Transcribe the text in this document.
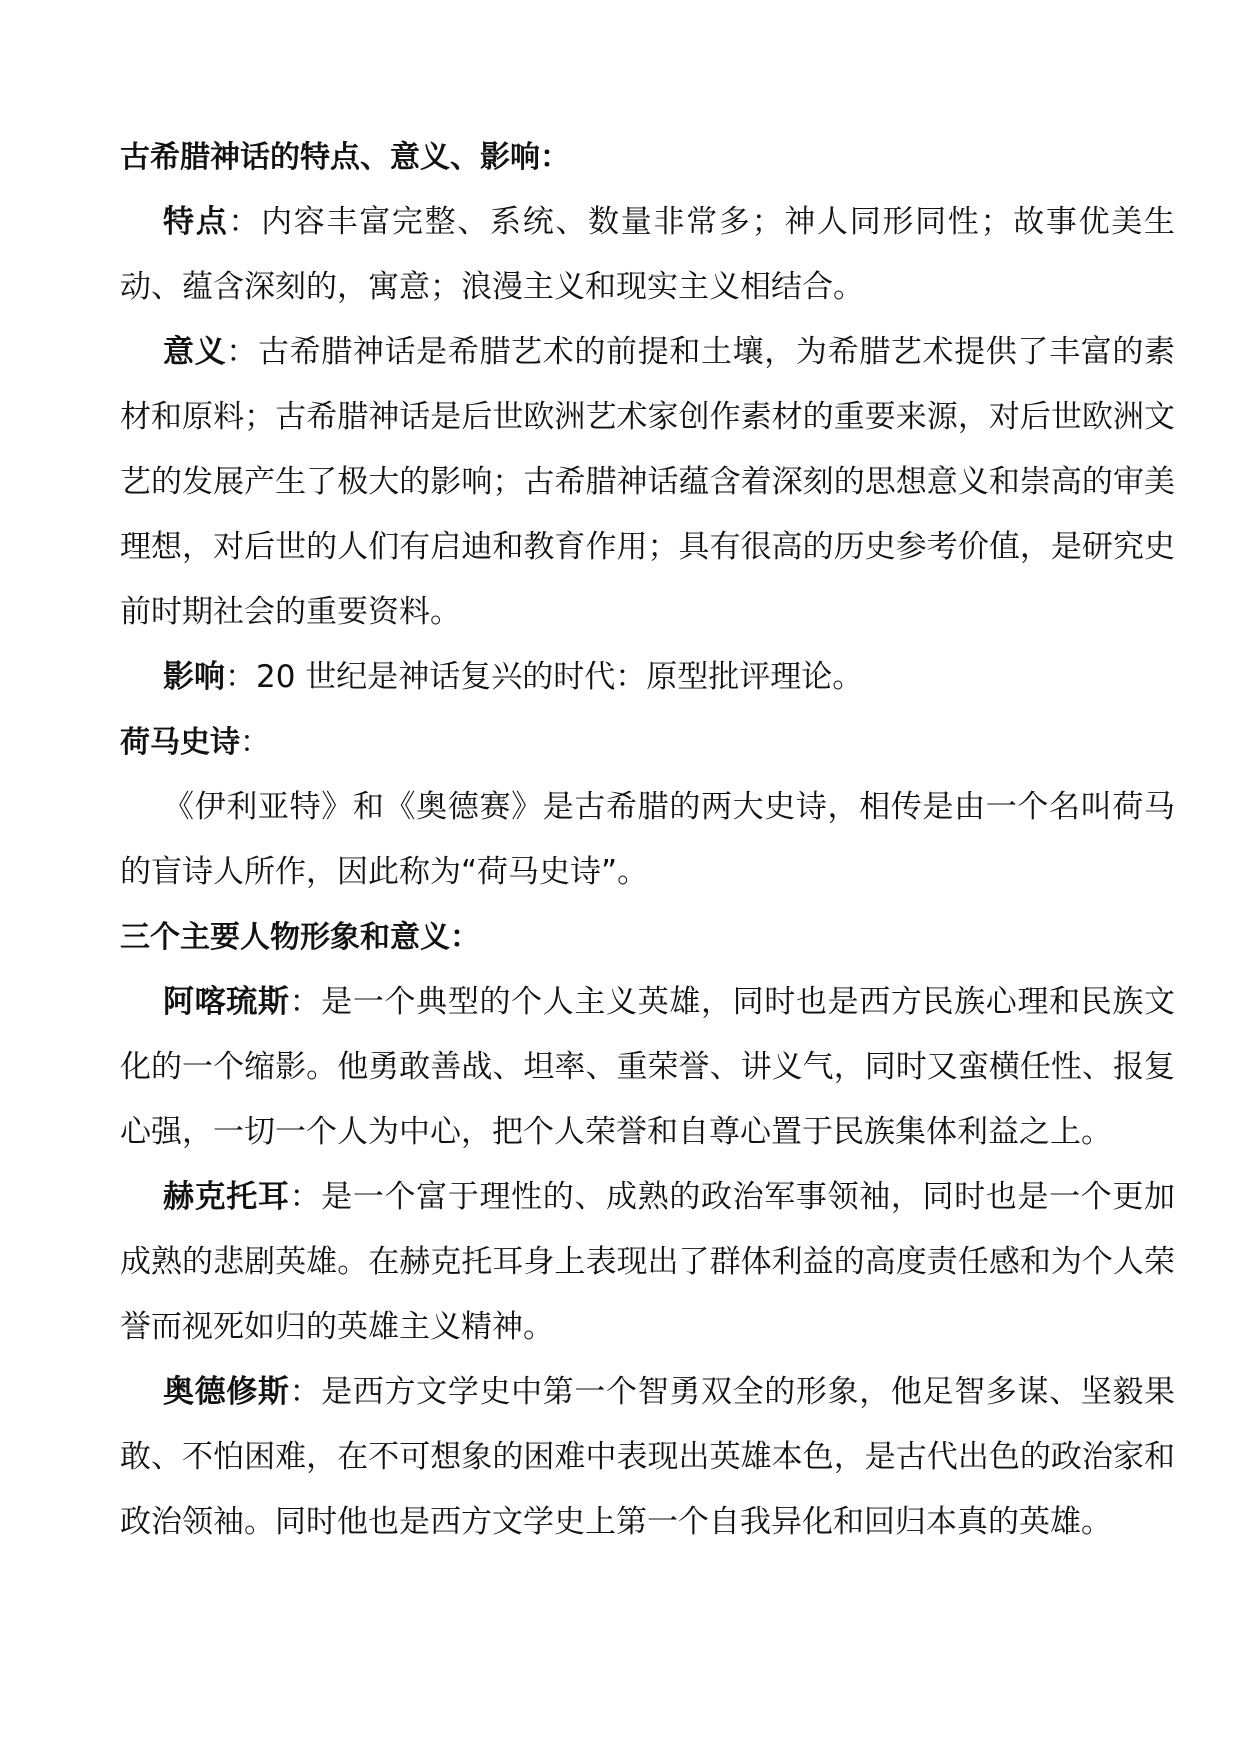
古希腊神话的特点、意义、影响：

特点：内容丰富完整、系统、数量非常多；神人同形同性；故事优美生动、蕴含深刻的，寓意；浪漫主义和现实主义相结合。

意义：古希腊神话是希腊艺术的前提和土壤，为希腊艺术提供了丰富的素材和原料；古希腊神话是后世欧洲艺术家创作素材的重要来源，对后世欧洲文艺的发展产生了极大的影响；古希腊神话蕴含着深刻的思想意义和崇高的审美理想，对后世的人们有启迪和教育作用；具有很高的历史参考价值，是研究史前时期社会的重要资料。

影响：20 世纪是神话复兴的时代：原型批评理论。

荷马史诗：

《伊利亚特》和《奥德赛》是古希腊的两大史诗，相传是由一个名叫荷马的盲诗人所作，因此称为“荷马史诗”。

三个主要人物形象和意义：

阿喀琉斯：是一个典型的个人主义英雄，同时也是西方民族心理和民族文化的一个缩影。他勇敢善战、坦率、重荣誉、讲义气，同时又蛮横任性、报复心强，一切一个人为中心，把个人荣誉和自尊心置于民族集体利益之上。

赫克托耳：是一个富于理性的、成熟的政治军事领袖，同时也是一个更加成熟的悲剧英雄。在赫克托耳身上表现出了群体利益的高度责任感和为个人荣誉而视死如归的英雄主义精神。

奥德修斯：是西方文学史中第一个智勇双全的形象，他足智多谋、坚毅果敢、不怕困难，在不可想象的困难中表现出英雄本色，是古代出色的政治家和政治领袖。同时他也是西方文学史上第一个自我异化和回归本真的英雄。
